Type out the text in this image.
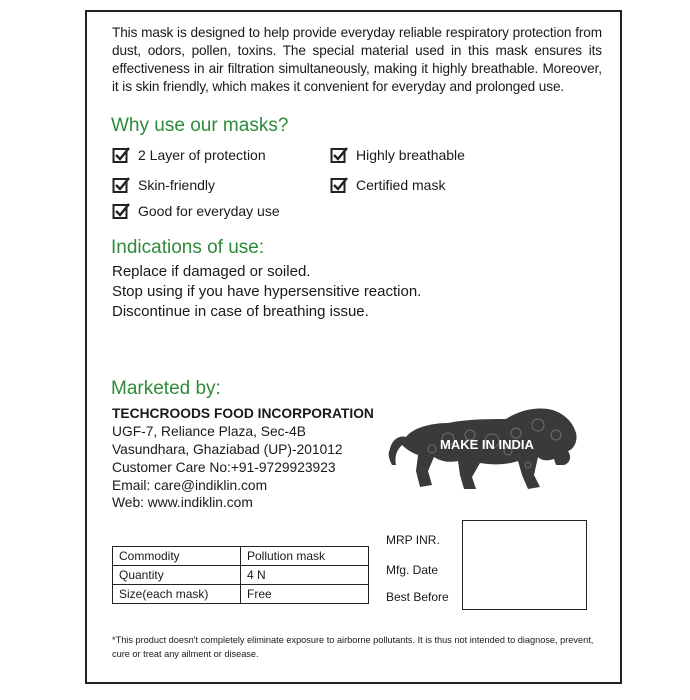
This mask is designed to help provide everyday reliable respiratory protection from dust, odors, pollen, toxins. The special material used in this mask ensures its effectiveness in air filtration simultaneously, making it highly breathable. Moreover, it is skin friendly, which makes it convenient for everyday and prolonged use.
Why use our masks?
2 Layer of protection	Highly breathable
Skin-friendly	Certified mask
Good for everyday use
Indications of use:
Replace if damaged or soiled.
Stop using if you have hypersensitive reaction.
Discontinue in case of breathing issue.
Marketed by:
TECHCROODS FOOD INCORPORATION
UGF-7, Reliance Plaza, Sec-4B
Vasundhara, Ghaziabad (UP)-201012
Customer Care No:+91-9729923923
Email: care@indiklin.com
Web: www.indiklin.com
MAKE IN INDIA
Commodity	Pollution mask
Quantity	4 N
Size(each mask)	Free
MRP INR.
Mfg. Date
Best Before
*This product doesn't completely eliminate exposure to airborne pollutants. It is thus not intended to diagnose, prevent, cure or treat any ailment or disease.
